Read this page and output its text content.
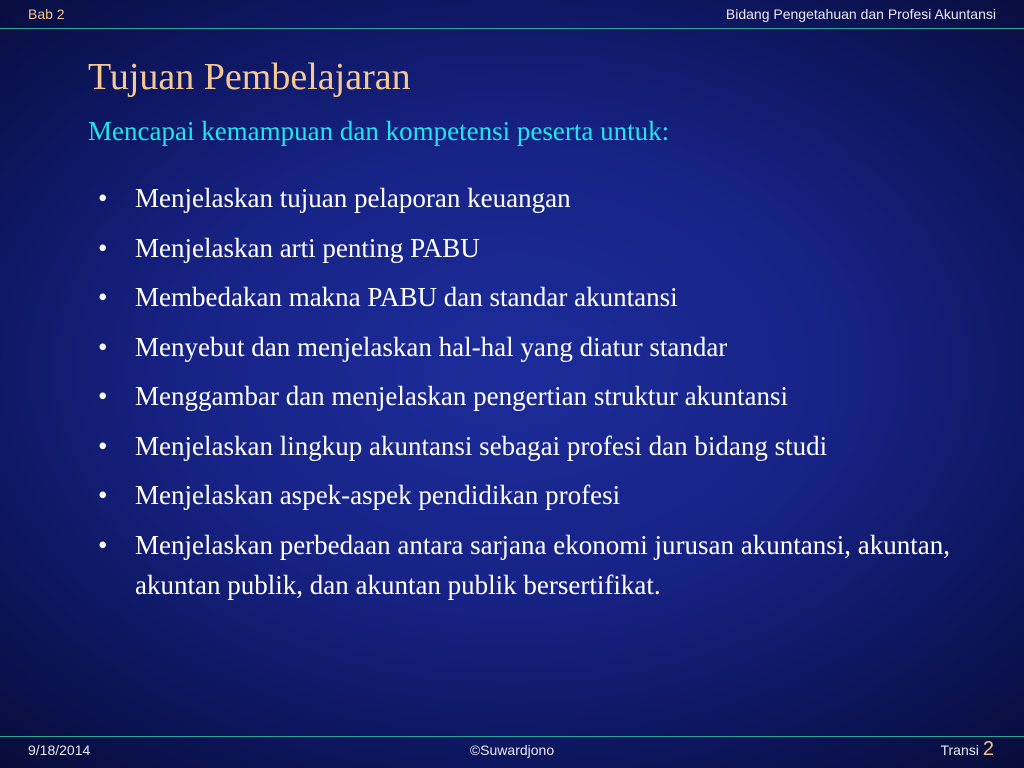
Bab 2	Bidang Pengetahuan dan Profesi Akuntansi
Tujuan Pembelajaran
Mencapai kemampuan dan kompetensi peserta untuk:
• Menjelaskan tujuan pelaporan keuangan
• Menjelaskan arti penting PABU
• Membedakan makna PABU dan standar akuntansi
• Menyebut dan menjelaskan hal-hal yang diatur standar
• Menggambar dan menjelaskan pengertian struktur akuntansi
• Menjelaskan lingkup akuntansi sebagai profesi dan bidang studi
• Menjelaskan aspek-aspek pendidikan profesi
• Menjelaskan perbedaan antara sarjana ekonomi jurusan akuntansi, akuntan, akuntan publik, dan akuntan publik bersertifikat.
9/18/2014	©Suwardjono	Transi 2
